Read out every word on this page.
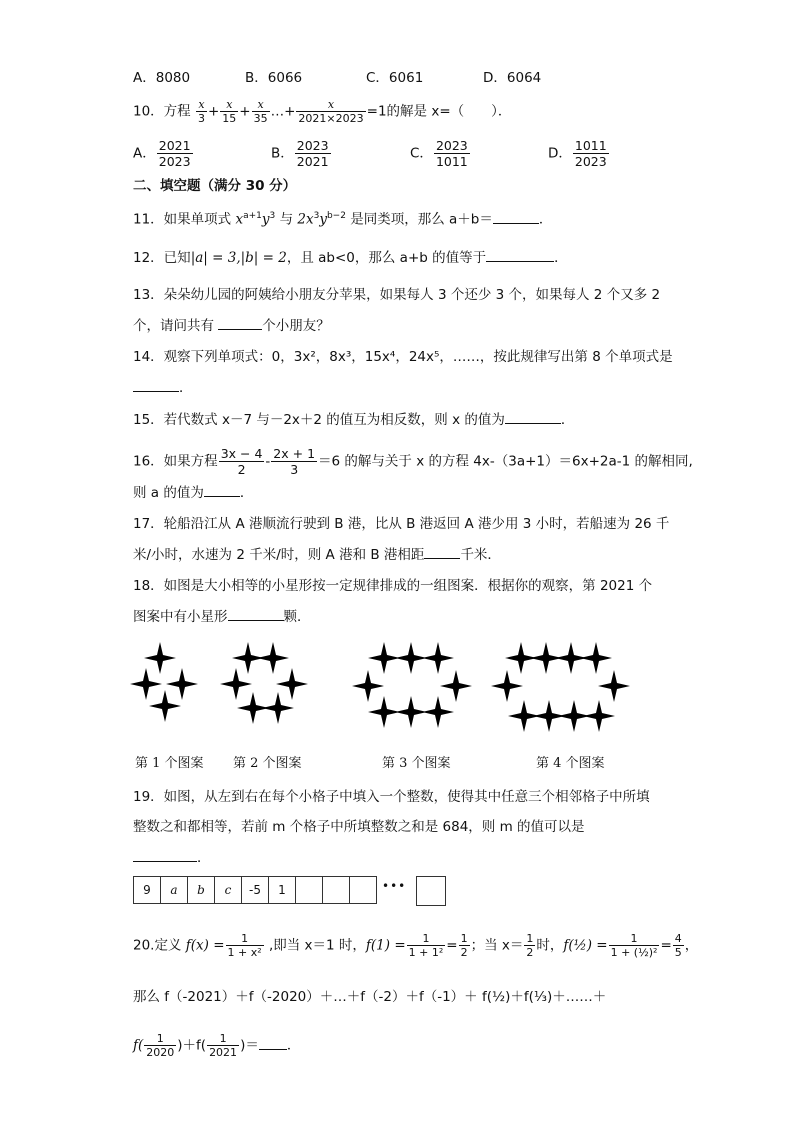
A．8080	B．6066	C．6061	D．6064
10．方程 $\frac{x}{3} + \frac{x}{15} + \frac{x}{35}$ …+ $\frac{x}{2021\times 2023} =1$的解是 x=（　　）．
A． $\frac{2021}{2023}$	B． $\frac{2023}{2021}$	C． $\frac{2023}{1011}$	D． $\frac{1011}{2023}$
二、填空题（满分 30 分）
11．如果单项式 $x^{a+1}y^3$ 与 $2x^3y^{b-2}$ 是同类项，那么 a＋b＝	．
12．已知|a| = 3,|b| = 2，且 ab<0，那么 a+b 的值等于	．
13．朵朵幼儿园的阿姨给小朋友分苹果，如果每人 3 个还少 3 个，如果每人 2 个又多 2
个，请问共有	个小朋友？
14．观察下列单项式：0，3x²，8x³，15x⁴，24x⁵，……，按此规律写出第 8 个单项式是
．
15．若代数式 x－7 与－2x＋2 的值互为相反数，则 x 的值为	．
16．如果方程 $\frac{3x - 4}{2} - \frac{2x + 1}{3} =6$ 的解与关于 x 的方程 4x-（3a+1）＝6x+2a-1 的解相同,
则 a 的值为	．
17．轮船沿江从 A 港顺流行驶到 B 港，比从 B 港返回 A 港少用 3 小时，若船速为 26 千
米/小时，水速为 2 千米/时，则 A 港和 B 港相距	千米．
18．如图是大小相等的小星形按一定规律排成的一组图案．根据你的观察，第 2021 个
图案中有小星形	颗．
第 1 个图案 第 2 个图案	第 3 个图案	第 4 个图案
19．如图，从左到右在每个小格子中填入一个整数，使得其中任意三个相邻格子中所填
整数之和都相等，若前 m 个格子中所填整数之和是 684，则 m 的值可以是
．
9	a b c	-5	1	•••
20.定义 $f(x) = \frac{1}{\text{1 + x²}}$ ,即当 x＝1 时，$f(1) = \frac{1}{\text{1 + 1²}} = \frac{1}{2}$ ；当 $x= \frac{1}{2}$ 时，f(½) = $\frac{1}{\text{1 + (½)²}} = \frac{4}{5}$ ，
那么 f（-2021）＋f（-2020）＋…＋f（-2）＋f（-1）＋ f(½)＋f(⅓)＋……＋
$f( \frac{1}{2020} )+f( \frac{1}{2021}$ )＝ ．
